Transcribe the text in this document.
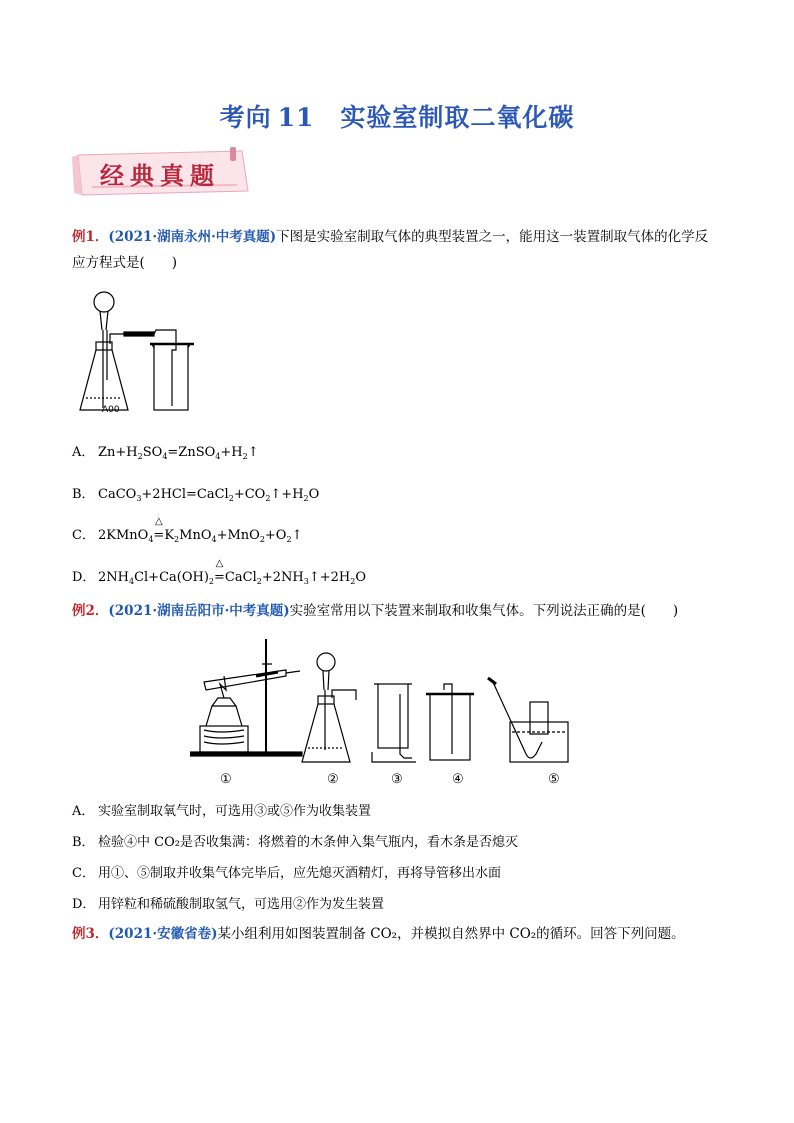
考向 11 实验室制取二氧化碳
经典真题
例1．(2021·湖南永州·中考真题)下图是实验室制取气体的典型装置之一，能用这一装置制取气体的化学反
应方程式是(　　)
A00
A． $Zn+H_2SO_4=ZnSO_4+H_2↑$
B． $CaCO_3+2HCl=CaCl_2+CO_2↑+H_2O$
C． 2KMnO$_4$=
△
$K_2MnO_4+MnO_2+O_2↑$
D． $2NH_4Cl+Ca(OH)_2=$
△
$CaCl_2+2NH_3↑+2H_2O$
例2．(2021·湖南岳阳市·中考真题)实验室常用以下装置来制取和收集气体。下列说法正确的是(　　)
①	②	③	④	⑤
A． 实验室制取氧气时，可选用③或⑤作为收集装置
B． 检验④中 CO₂是否收集满：将燃着的木条伸入集气瓶内，看木条是否熄灭
C． 用①、⑤制取并收集气体完毕后，应先熄灭酒精灯，再将导管移出水面
D． 用锌粒和稀硫酸制取氢气，可选用②作为发生装置
例3．(2021·安徽省卷)某小组利用如图装置制备 CO₂，并模拟自然界中 CO₂的循环。回答下列问题。
